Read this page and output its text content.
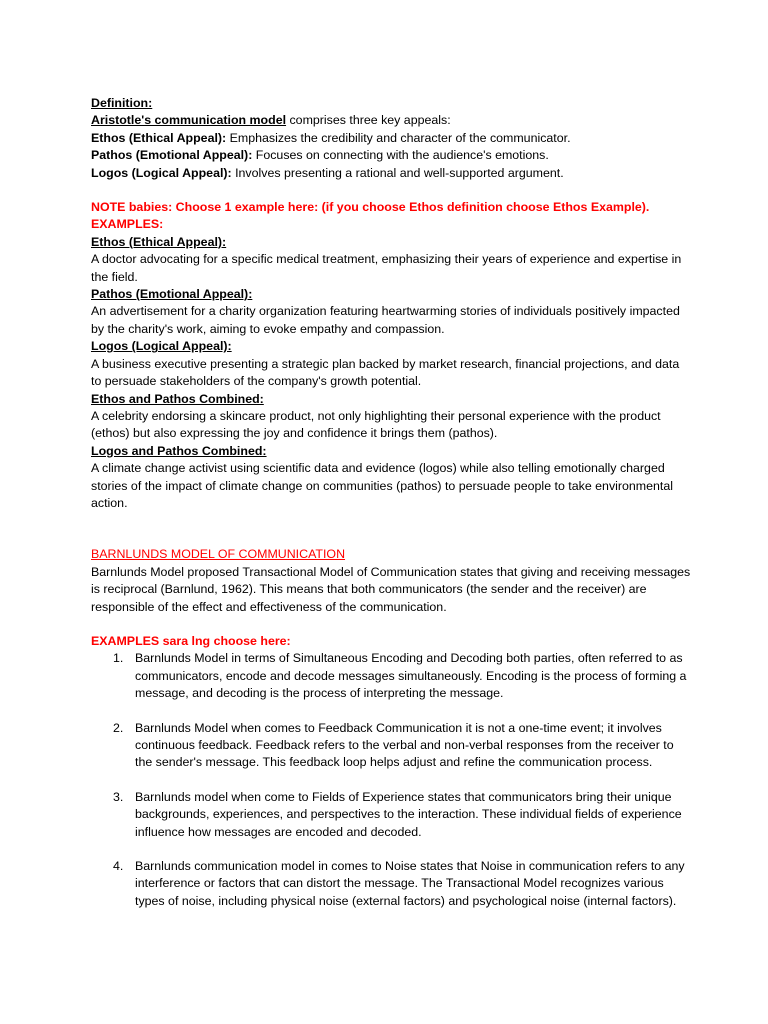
Definition:

Aristotle's communication model comprises three key appeals:

Ethos (Ethical Appeal): Emphasizes the credibility and character of the communicator.

Pathos (Emotional Appeal): Focuses on connecting with the audience's emotions.

Logos (Logical Appeal): Involves presenting a rational and well-supported argument.

NOTE babies: Choose 1 example here: (if you choose Ethos definition choose Ethos Example).

EXAMPLES:

Ethos (Ethical Appeal):

A doctor advocating for a specific medical treatment, emphasizing their years of experience and expertise in the field.

Pathos (Emotional Appeal):

An advertisement for a charity organization featuring heartwarming stories of individuals positively impacted by the charity's work, aiming to evoke empathy and compassion.

Logos (Logical Appeal):

A business executive presenting a strategic plan backed by market research, financial projections, and data to persuade stakeholders of the company's growth potential.

Ethos and Pathos Combined:

A celebrity endorsing a skincare product, not only highlighting their personal experience with the product (ethos) but also expressing the joy and confidence it brings them (pathos).

Logos and Pathos Combined:

A climate change activist using scientific data and evidence (logos) while also telling emotionally charged stories of the impact of climate change on communities (pathos) to persuade people to take environmental action.

BARNLUNDS MODEL OF COMMUNICATION

Barnlunds Model proposed Transactional Model of Communication states that giving and receiving messages is reciprocal (Barnlund, 1962). This means that both communicators (the sender and the receiver) are responsible of the effect and effectiveness of the communication.

EXAMPLES sara lng choose here:

1. Barnlunds Model in terms of Simultaneous Encoding and Decoding both parties, often referred to as communicators, encode and decode messages simultaneously. Encoding is the process of forming a message, and decoding is the process of interpreting the message.
2. Barnlunds Model when comes to Feedback Communication it is not a one-time event; it involves continuous feedback. Feedback refers to the verbal and non-verbal responses from the receiver to the sender's message. This feedback loop helps adjust and refine the communication process.
3. Barnlunds model when come to Fields of Experience states that communicators bring their unique backgrounds, experiences, and perspectives to the interaction. These individual fields of experience influence how messages are encoded and decoded.
4. Barnlunds communication model in comes to Noise states that Noise in communication refers to any interference or factors that can distort the message. The Transactional Model recognizes various types of noise, including physical noise (external factors) and psychological noise (internal factors).
